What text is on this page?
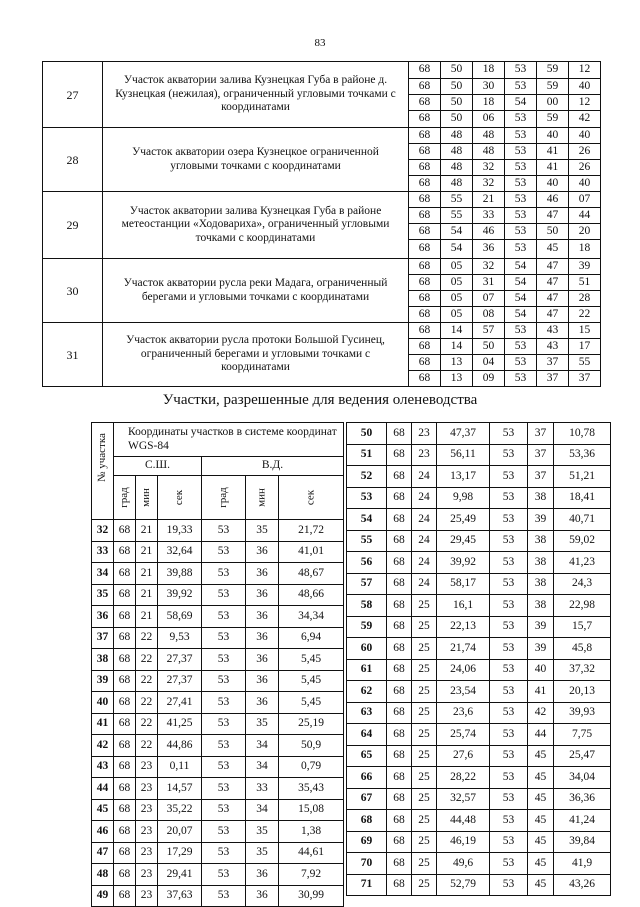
83
27	Участок акватории залива Кузнецкая Губа в районе д. Кузнецкая (нежилая), ограниченный угловыми точками с координатами	68	50	18	53	59	12
		68	50	30	53	59	40
		68	50	18	54	00	12
		68	50	06	53	59	42
28	Участок акватории озера Кузнецкое ограниченной угловыми точками с координатами	68	48	48	53	40	40
		68	48	48	53	41	26
		68	48	32	53	41	26
		68	48	32	53	40	40
29	Участок акватории залива Кузнецкая Губа в районе метеостанции «Ходовариха», ограниченный угловыми точками с координатами	68	55	21	53	46	07
		68	55	33	53	47	44
		68	54	46	53	50	20
		68	54	36	53	45	18
30	Участок акватории русла реки Мадага, ограниченный берегами и угловыми точками с координатами	68	05	32	54	47	39
		68	05	31	54	47	51
		68	05	07	54	47	28
		68	05	08	54	47	22
31	Участок акватории русла протоки Большой Гусинец, ограниченный берегами и угловыми точками с координатами	68	14	57	53	43	15
		68	14	50	53	43	17
		68	13	04	53	37	55
		68	13	09	53	37	37
Участки, разрешенные для ведения оленеводства
№ участка	Координаты участков в системе координат WGS-84					
	С.Ш.			В.Д.		

	град	мин	сек	град	мин	сек

32	68	21	19,33	53	35	21,72
33	68	21	32,64	53	36	41,01
34	68	21	39,88	53	36	48,67
35	68	21	39,92	53	36	48,66
36	68	21	58,69	53	36	34,34
37	68	22	9,53	53	36	6,94
38	68	22	27,37	53	36	5,45
39	68	22	27,37	53	36	5,45
40	68	22	27,41	53	36	5,45
41	68	22	41,25	53	35	25,19
42	68	22	44,86	53	34	50,9
43	68	23	0,11	53	34	0,79
44	68	23	14,57	53	33	35,43
45	68	23	35,22	53	34	15,08
46	68	23	20,07	53	35	1,38
47	68	23	17,29	53	35	44,61
48	68	23	29,41	53	36	7,92
49	68	23	37,63	53	36	30,99
50	68	23	47,37	53	37	10,78
51	68	23	56,11	53	37	53,36
52	68	24	13,17	53	37	51,21
53	68	24	9,98	53	38	18,41
54	68	24	25,49	53	39	40,71
55	68	24	29,45	53	38	59,02
56	68	24	39,92	53	38	41,23
57	68	24	58,17	53	38	24,3
58	68	25	16,1	53	38	22,98
59	68	25	22,13	53	39	15,7
60	68	25	21,74	53	39	45,8
61	68	25	24,06	53	40	37,32
62	68	25	23,54	53	41	20,13
63	68	25	23,6	53	42	39,93
64	68	25	25,74	53	44	7,75
65	68	25	27,6	53	45	25,47
66	68	25	28,22	53	45	34,04
67	68	25	32,57	53	45	36,36
68	68	25	44,48	53	45	41,24
69	68	25	46,19	53	45	39,84
70	68	25	49,6	53	45	41,9
71	68	25	52,79	53	45	43,26
